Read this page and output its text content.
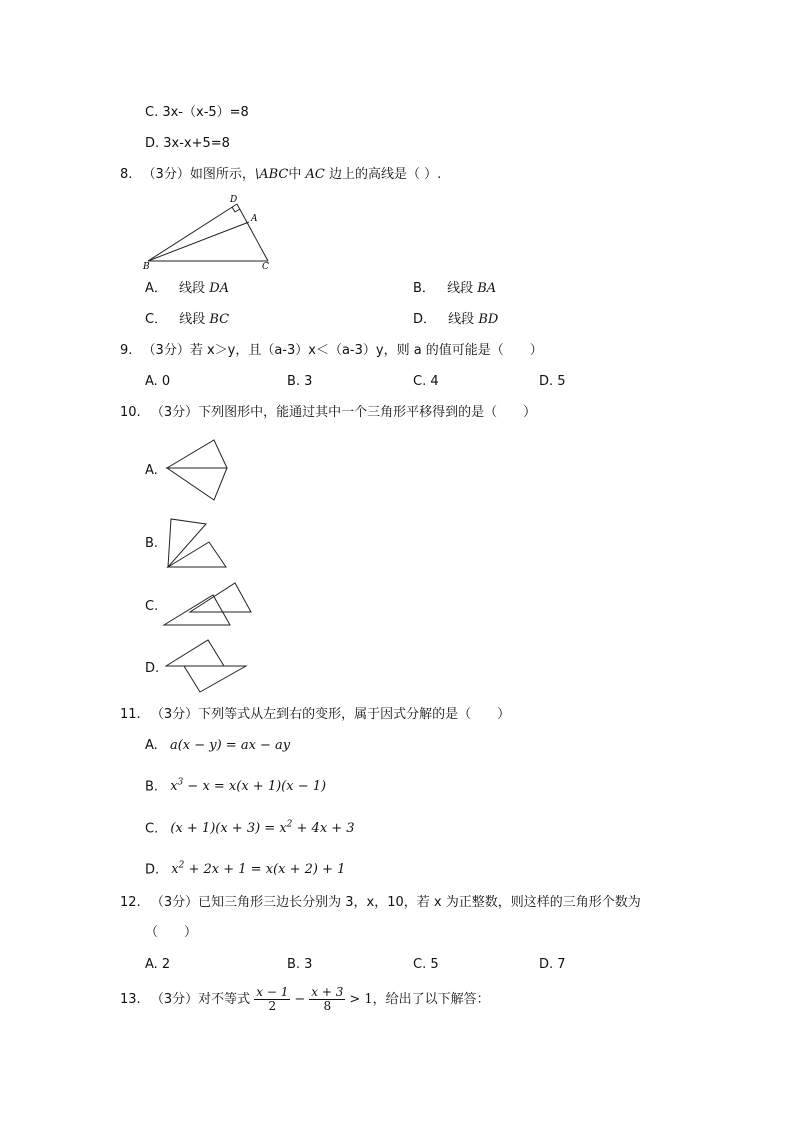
C. 3x-（x-5）=8
D. 3x-x+5=8
8. （3分）如图所示，\ABC中 AC 边上的高线是（ ）.
D
A
B	C
A． 线段 DA	B． 线段 BA
C． 线段 BC	D． 线段 BD
9. （3分）若 x＞y，且（a-3）x＜（a-3）y，则 a 的值可能是（　　）
A. 0	B. 3	C. 4	D. 5
10. （3分）下列图形中，能通过其中一个三角形平移得到的是（　　）
A.
B.
C.
D.
11. （3分）下列等式从左到右的变形，属于因式分解的是（　　）
A. a(x − y) = ax − ay
B. $x^3 - x = x(x + 1)(x - 1)$
C. $(x + 1)(x + 3) = x^2 + 4x + 3$
D. $x^2 + 2x + 1 = x(x + 2) + 1$
12. （3分）已知三角形三边长分别为 3，x，10，若 x 为正整数，则这样的三角形个数为
（　　）
A. 2	B. 3	C. 5	D. 7
13. （3分）对不等式 $\frac{x - 1}{2} - \frac{x + 3}{8} > 1$，给出了以下解答：
